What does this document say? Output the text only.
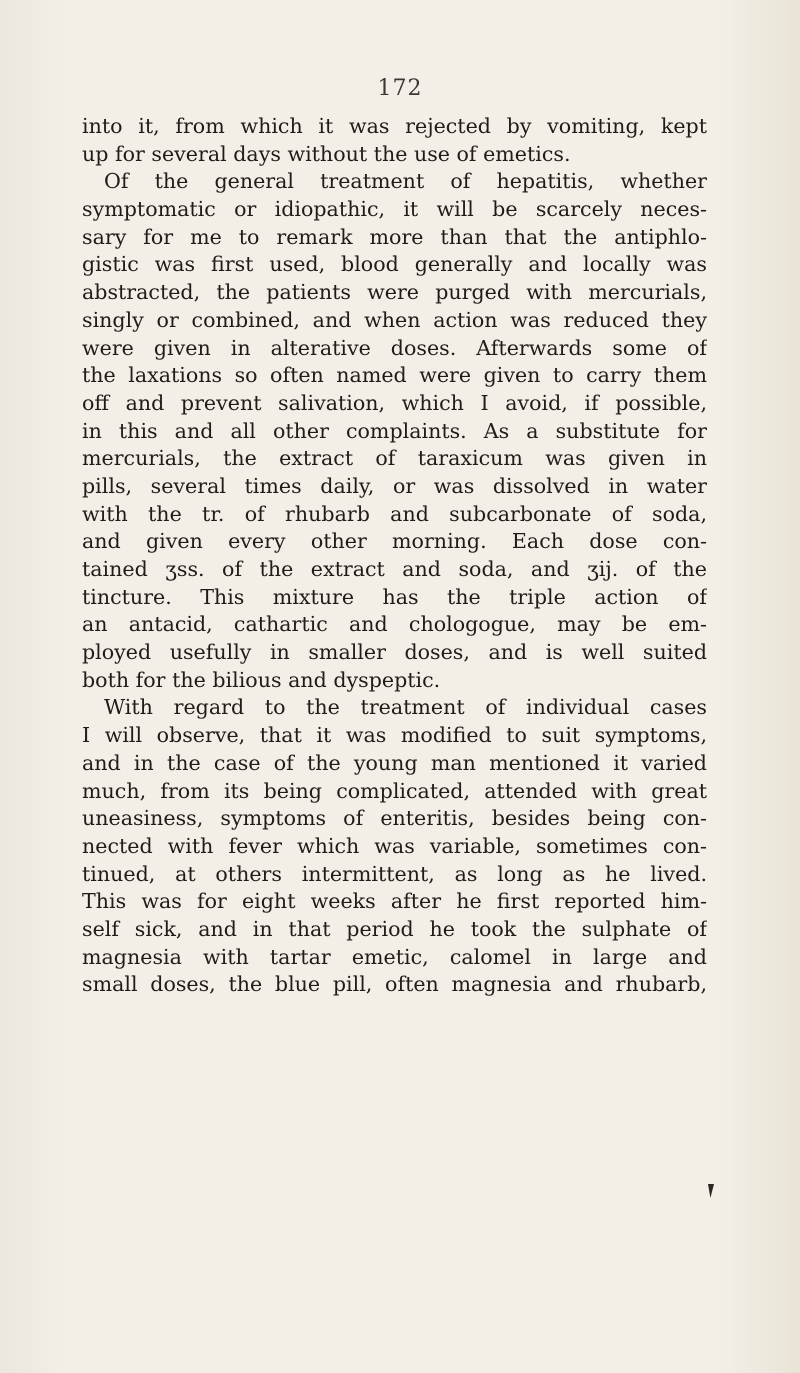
172
into it, from which it was rejected by vomiting, kept
up for several days without the use of emetics.
Of the general treatment of hepatitis, whether
symptomatic or idiopathic, it will be scarcely neces-
sary for me to remark more than that the antiphlo-
gistic was first used, blood generally and locally was
abstracted, the patients were purged with mercurials,
singly or combined, and when action was reduced they
were given in alterative doses. Afterwards some of
the laxations so often named were given to carry them
off and prevent salivation, which I avoid, if possible,
in this and all other complaints. As a substitute for
mercurials, the extract of taraxicum was given in
pills, several times daily, or was dissolved in water
with the tr. of rhubarb and subcarbonate of soda,
and given every other morning. Each dose con-
tained ʒss. of the extract and soda, and ʒij. of the
tincture. This mixture has the triple action of
an antacid, cathartic and chologogue, may be em-
ployed usefully in smaller doses, and is well suited
both for the bilious and dyspeptic.
With regard to the treatment of individual cases
I will observe, that it was modified to suit symptoms,
and in the case of the young man mentioned it varied
much, from its being complicated, attended with great
uneasiness, symptoms of enteritis, besides being con-
nected with fever which was variable, sometimes con-
tinued, at others intermittent, as long as he lived.
This was for eight weeks after he first reported him-
self sick, and in that period he took the sulphate of
magnesia with tartar emetic, calomel in large and
small doses, the blue pill, often magnesia and rhubarb,
